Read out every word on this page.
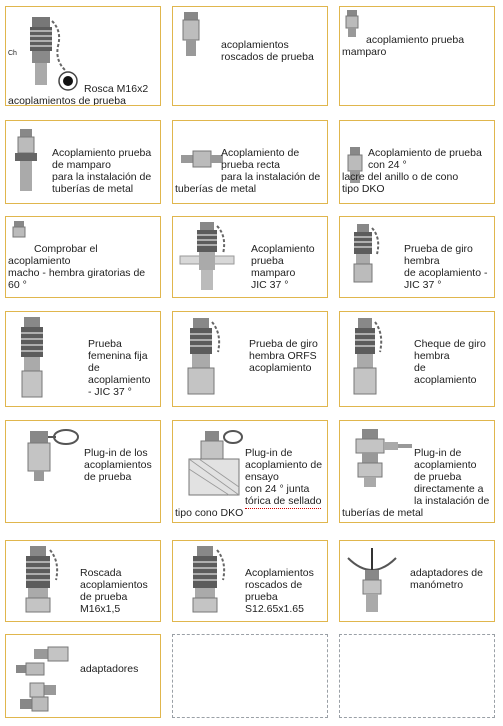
Ch
Rosca M16x2
acoplamientos de prueba
acoplamientos
roscados de prueba
acoplamiento prueba
mamparo
Acoplamiento prueba
de mamparo
para la instalación de
tuberías de metal
Acoplamiento de
prueba recta
para la instalación de
tuberías de metal
Acoplamiento de prueba
con 24 °
lacre del anillo o de cono
tipo DKO
Comprobar el
acoplamiento
macho - hembra giratorias de
60 °
Acoplamiento
prueba
mamparo
JIC 37 °
Prueba de giro
hembra
de acoplamiento -
JIC 37 °
Prueba
femenina fija
de
acoplamiento
- JIC 37 °
Prueba de giro
hembra ORFS
acoplamiento
Cheque de giro
hembra
de
acoplamiento
Plug-in de los
acoplamientos
de prueba
Plug-in de
acoplamiento de
ensayo
con 24 ° junta
tórica de sellado
tipo cono DKO
Plug-in de
acoplamiento
de prueba
directamente a
la instalación de
tuberías de metal
Roscada
acoplamientos
de prueba
M16x1,5
Acoplamientos
roscados de
prueba
S12.65x1.65
adaptadores de
manómetro
adaptadores
